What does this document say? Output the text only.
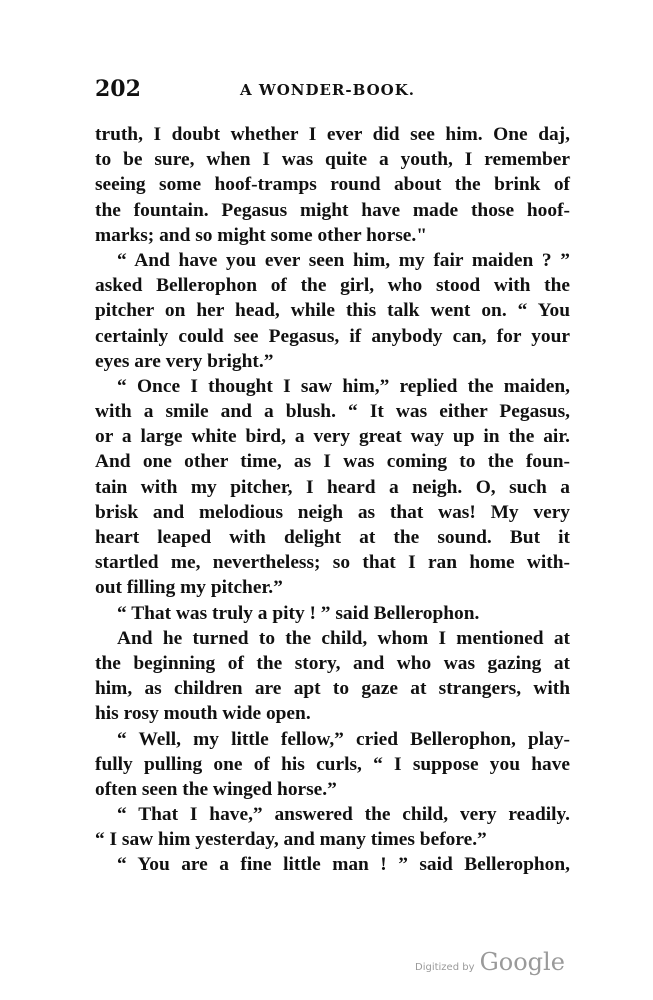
202	A WONDER-BOOK.
truth, I doubt whether I ever did see him. One daj,
to be sure, when I was quite a youth, I remember
seeing some hoof-tramps round about the brink of
the fountain. Pegasus might have made those hoof-
marks; and so might some other horse."
“ And have you ever seen him, my fair maiden ? ”
asked Bellerophon of the girl, who stood with the
pitcher on her head, while this talk went on. “ You
certainly could see Pegasus, if anybody can, for your
eyes are very bright.”
“ Once I thought I saw him,” replied the maiden,
with a smile and a blush. “ It was either Pegasus,
or a large white bird, a very great way up in the air.
And one other time, as I was coming to the foun-
tain with my pitcher, I heard a neigh. O, such a
brisk and melodious neigh as that was! My very
heart leaped with delight at the sound. But it
startled me, nevertheless; so that I ran home with-
out filling my pitcher.”
“ That was truly a pity ! ” said Bellerophon.
And he turned to the child, whom I mentioned at
the beginning of the story, and who was gazing at
him, as children are apt to gaze at strangers, with
his rosy mouth wide open.
“ Well, my little fellow,” cried Bellerophon, play-
fully pulling one of his curls, “ I suppose you have
often seen the winged horse.”
“ That I have,” answered the child, very readily.
“ I saw him yesterday, and many times before.”
“ You are a fine little man ! ” said Bellerophon,
Digitized by Google
